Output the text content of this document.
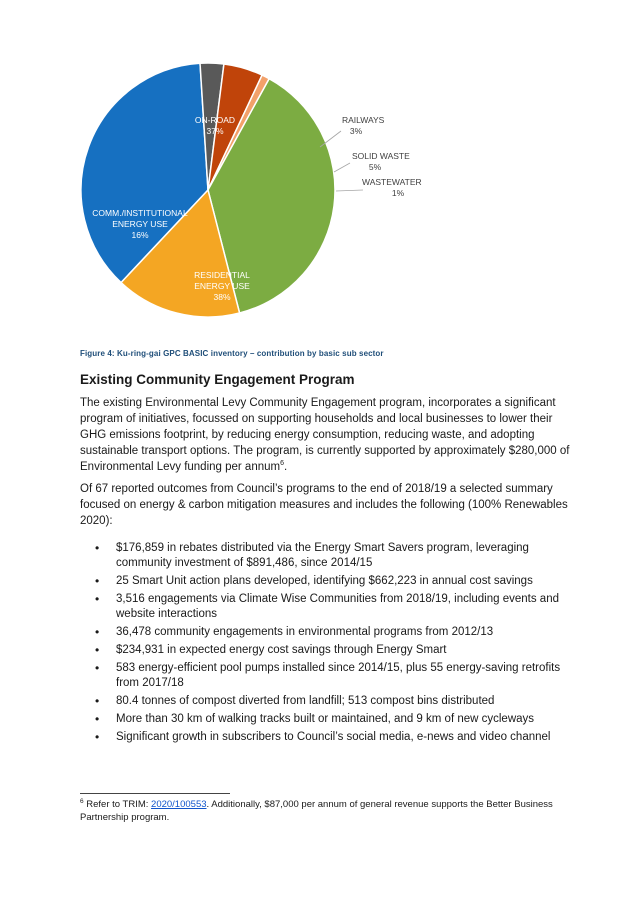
ON-ROAD 37%
RAILWAYS 3%
SOLID WASTE 5%
WASTEWATER 1%
RESIDENTIAL ENERGY USE 38%
COMM./INSTITUTIONAL ENERGY USE 16%
Figure 4: Ku-ring-gai GPC BASIC inventory – contribution by basic sub sector
Existing Community Engagement Program

The existing Environmental Levy Community Engagement program, incorporates a significant program of initiatives, focussed on supporting households and local businesses to lower their GHG emissions footprint, by reducing energy consumption, reducing waste, and adopting sustainable transport options. The program, is currently supported by approximately $280,000 of Environmental Levy funding per annum$^6$.

Of 67 reported outcomes from Council’s programs to the end of 2018/19 a selected summary focused on energy & carbon mitigation measures and includes the following (100% Renewables 2020):

• $176,859 in rebates distributed via the Energy Smart Savers program, leveraging community investment of $891,486, since 2014/15
• 25 Smart Unit action plans developed, identifying $662,223 in annual cost savings
• 3,516 engagements via Climate Wise Communities from 2018/19, including events and website interactions
• 36,478 community engagements in environmental programs from 2012/13
• $234,931 in expected energy cost savings through Energy Smart
• 583 energy-efficient pool pumps installed since 2014/15, plus 55 energy-saving retrofits from 2017/18
• 80.4 tonnes of compost diverted from landfill; 513 compost bins distributed
• More than 30 km of walking tracks built or maintained, and 9 km of new cycleways
• Significant growth in subscribers to Council’s social media, e-news and video channel

$^6$ Refer to TRIM: 2020/100553. Additionally, $87,000 per annum of general revenue supports the Better Business Partnership program.
